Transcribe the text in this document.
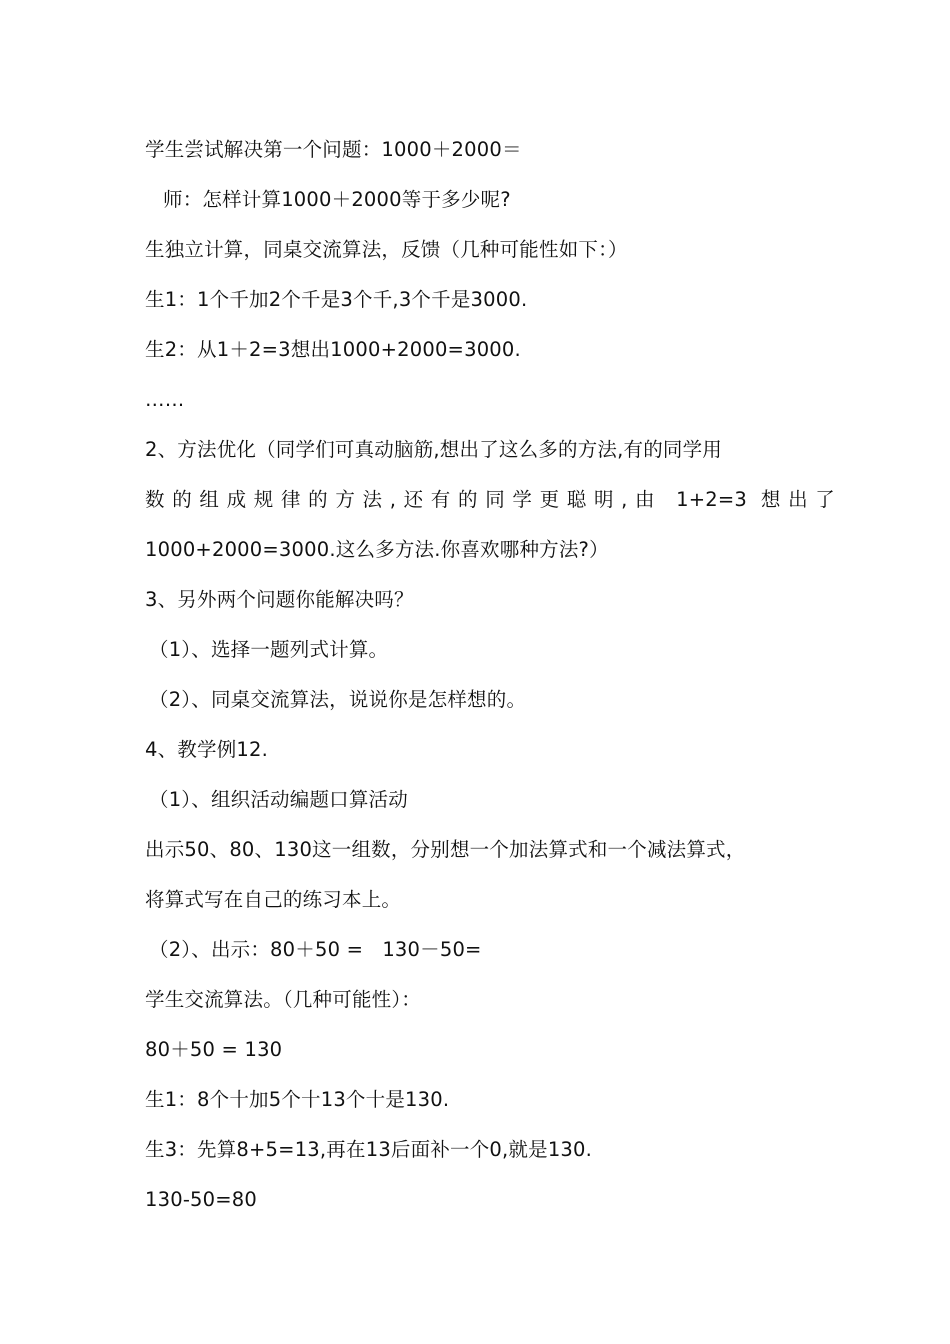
学生尝试解决第一个问题：1000＋2000＝
师：怎样计算1000＋2000等于多少呢?
生独立计算，同桌交流算法，反馈（几种可能性如下：）
生1：1个千加2个千是3个千,3个千是3000.
生2：从1＋2=3想出1000+2000=3000.
……
2、方法优化（同学们可真动脑筋,想出了这么多的方法,有的同学用
数的组成规律的方法,还有的同学更聪明,由 1+2=3 想出了
1000+2000=3000.这么多方法.你喜欢哪种方法?）
3、另外两个问题你能解决吗？
（1）、选择一题列式计算。
（2）、同桌交流算法，说说你是怎样想的。
4、教学例12.
（1）、组织活动编题口算活动
出示50、80、130这一组数，分别想一个加法算式和一个减法算式，
将算式写在自己的练习本上。
（2）、出示：80＋50 =   130－50=
学生交流算法。（几种可能性）：
80＋50 = 130
生1：8个十加5个十13个十是130.
生3：先算8+5=13,再在13后面补一个0,就是130.
130-50=80
